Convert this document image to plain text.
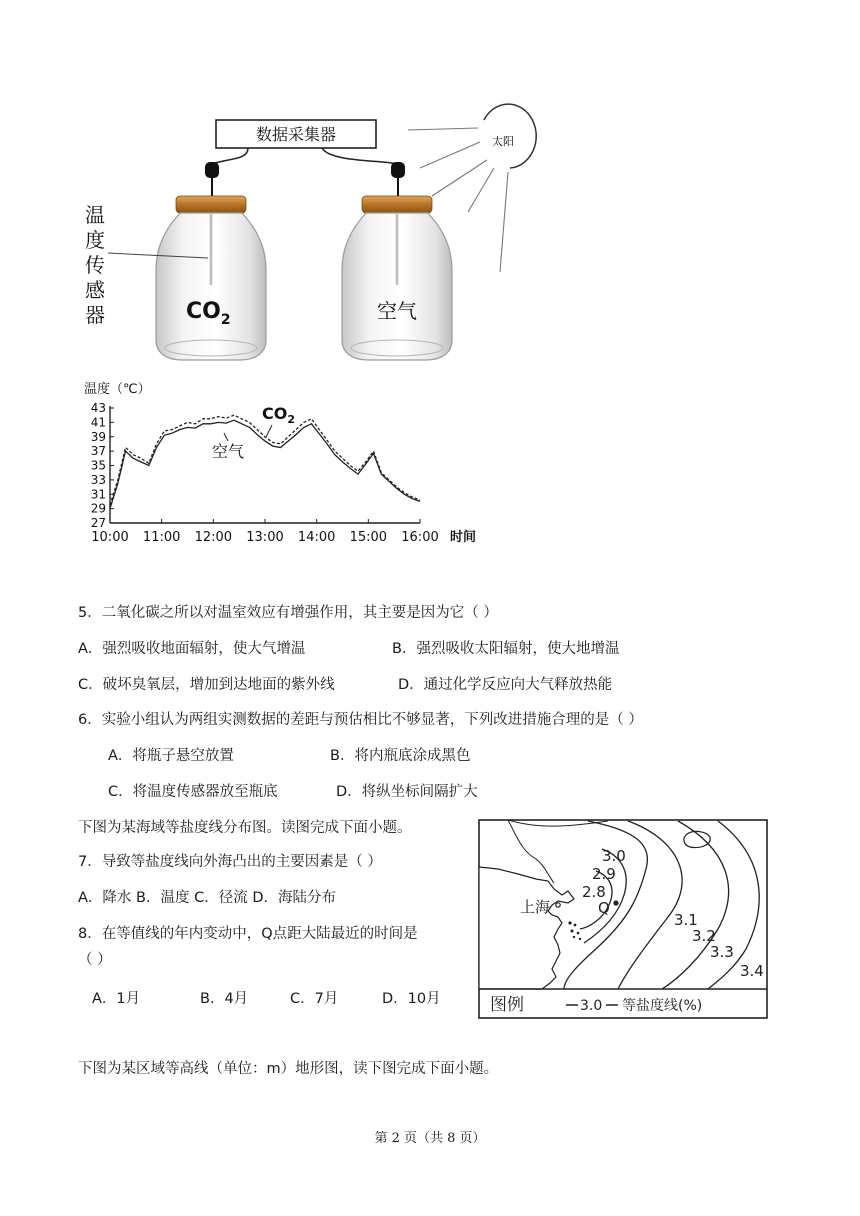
数据采集器	太阳
$CO_2$	空气
温
度
传
感
器
温度（℃）
时间
43
41
39
37
35
33
31
29
27
10:00 11:00 12:00 13:00 14:00 15:00 16:00
$CO_2$
空气
5．二氧化碳之所以对温室效应有增强作用，其主要是因为它（ ）
A．强烈吸收地面辐射，使大气增温	B．强烈吸收太阳辐射，使大地增温
C．破坏臭氧层，增加到达地面的紫外线	D．通过化学反应向大气释放热能
6．实验小组认为两组实测数据的差距与预估相比不够显著，下列改进措施合理的是（ ）
A．将瓶子悬空放置	B．将内瓶底涂成黑色
C．将温度传感器放至瓶底	D．将纵坐标间隔扩大
下图为某海域等盐度线分布图。读图完成下面小题。
7．导致等盐度线向外海凸出的主要因素是（ ）
A．降水 B．温度 C．径流 D．海陆分布
8．在等值线的年内变动中，Q点距大陆最近的时间是
（ ）
A．1月	B．4月	C．7月	D．10月
下图为某区域等高线（单位：m）地形图，读下图完成下面小题。
3.0
2.9
2.8
3.1
3.2
3.3
3.4
上海	Q
图例	3.0 等盐度线(%)
第 2 页（共 8 页）
